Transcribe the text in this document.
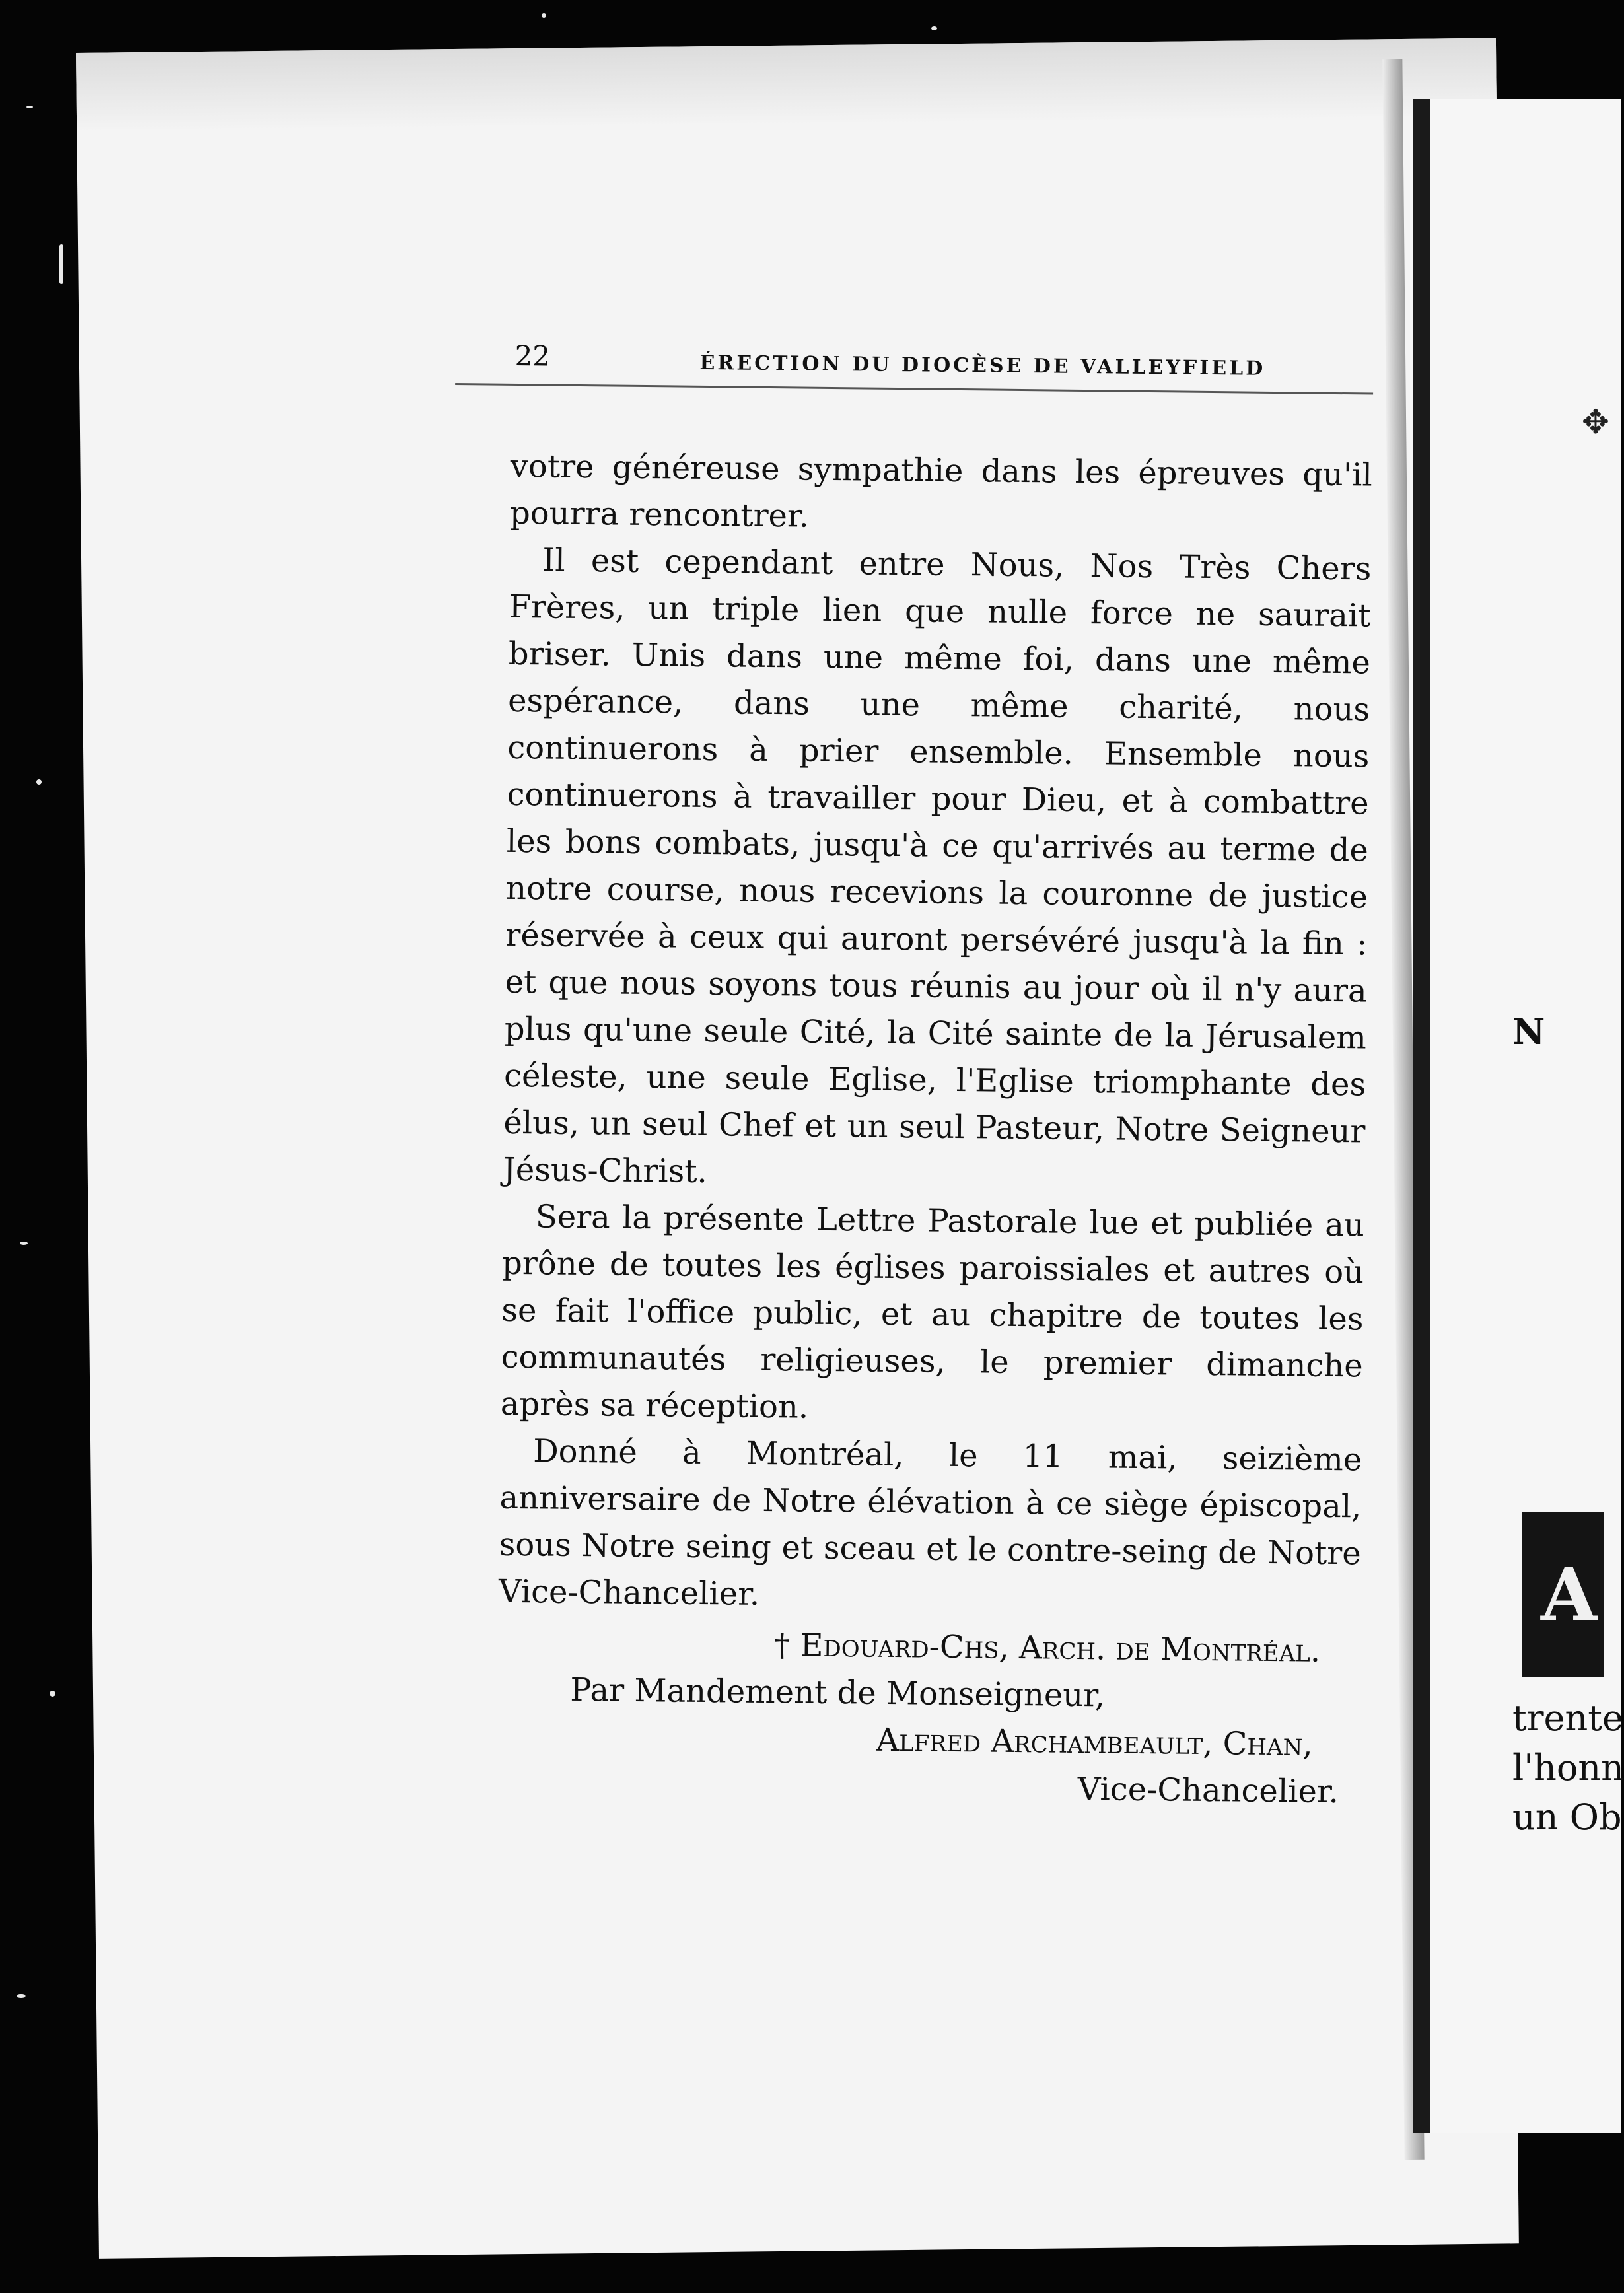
22	ÉRECTION DU DIOCÈSE DE VALLEYFIELD

votre généreuse sympathie dans les épreuves qu'il pourra rencontrer.

Il est cependant entre Nous, Nos Très Chers Frères, un triple lien que nulle force ne saurait briser. Unis dans une même foi, dans une même espérance, dans une même charité, nous continuerons à prier ensemble. Ensemble nous continuerons à travailler pour Dieu, et à combattre les bons combats, jusqu'à ce qu'arrivés au terme de notre course, nous recevions la couronne de justice réservée à ceux qui auront persévéré jusqu'à la fin : et que nous soyons tous réunis au jour où il n'y aura plus qu'une seule Cité, la Cité sainte de la Jérusalem céleste, une seule Eglise, l'Eglise triomphante des élus, un seul Chef et un seul Pasteur, Notre Seigneur Jésus-Christ.

Sera la présente Lettre Pastorale lue et publiée au prône de toutes les églises paroissiales et autres où se fait l'office public, et au chapitre de toutes les communautés religieuses, le premier dimanche après sa réception.

Donné à Montréal, le 11 mai, seizième anniversaire de Notre élévation à ce siège épiscopal, sous Notre seing et sceau et le contre-seing de Notre Vice-Chancelier.

† Edouard-Chs, Arch. de Montréal.

Par Mandement de Monseigneur,

Alfred Archambeault, Chan,

Vice-Chancelier.

✥
N
A
trente
l'honn
un Ob
